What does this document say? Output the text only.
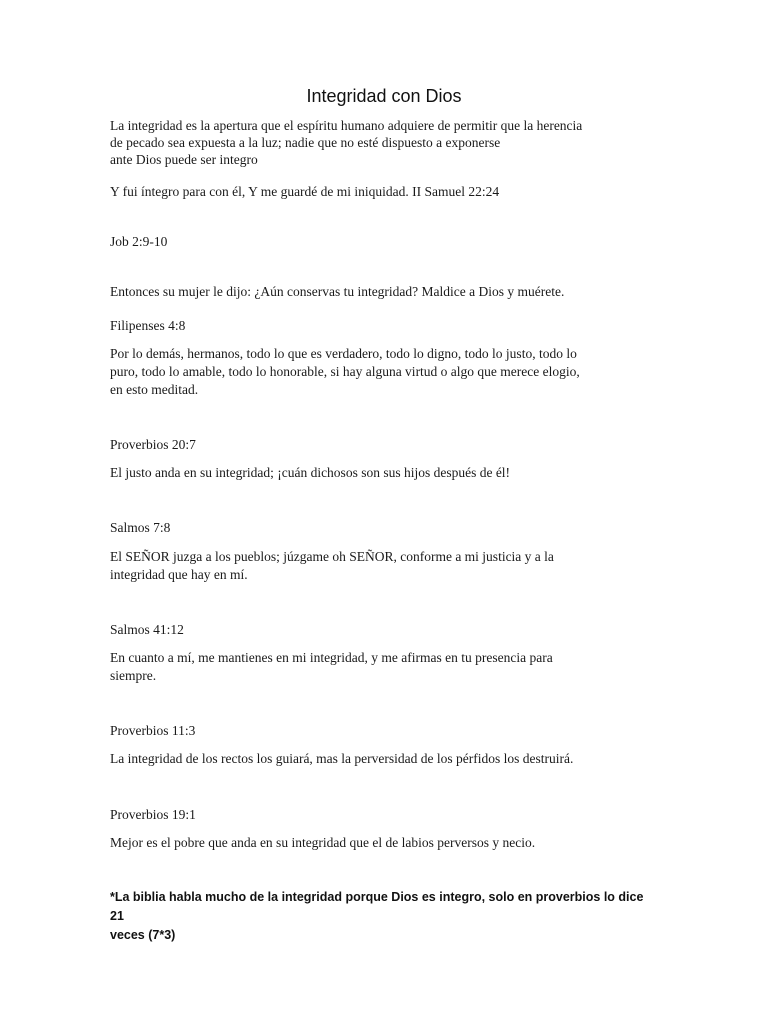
Integridad con Dios
La integridad es la apertura que el espíritu humano adquiere de permitir que la herencia
de pecado sea expuesta a la luz; nadie que no esté dispuesto a exponerse
ante Dios puede ser integro
Y fui íntegro para con él, Y me guardé de mi iniquidad. II Samuel 22:24
Job 2:9-10
Entonces su mujer le dijo: ¿Aún conservas tu integridad? Maldice a Dios y muérete.
Filipenses 4:8
Por lo demás, hermanos, todo lo que es verdadero, todo lo digno, todo lo justo, todo lo
puro, todo lo amable, todo lo honorable, si hay alguna virtud o algo que merece elogio,
en esto meditad.
Proverbios 20:7
El justo anda en su integridad; ¡cuán dichosos son sus hijos después de él!
Salmos 7:8
El SEÑOR juzga a los pueblos; júzgame oh SEÑOR, conforme a mi justicia y a la
integridad que hay en mí.
Salmos 41:12
En cuanto a mí, me mantienes en mi integridad, y me afirmas en tu presencia para
siempre.
Proverbios 11:3
La integridad de los rectos los guiará, mas la perversidad de los pérfidos los destruirá.
Proverbios 19:1
Mejor es el pobre que anda en su integridad que el de labios perversos y necio.
*La biblia habla mucho de la integridad porque Dios es integro, solo en proverbios lo dice 21
veces (7*3)
